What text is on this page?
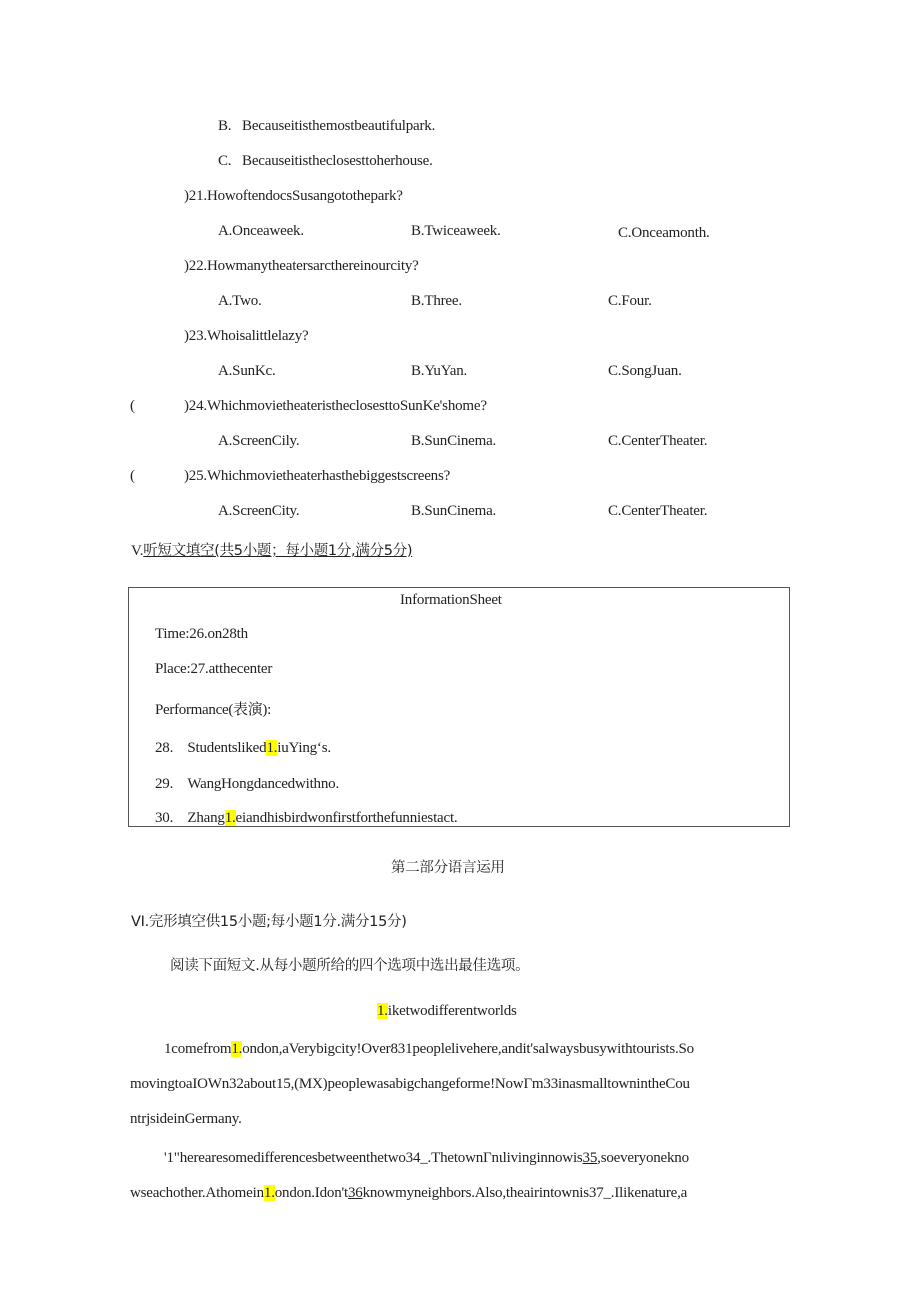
B. Becauseitisthemostbeautifulpark.
C. Becauseitistheclosesttoherhouse.
)21.HowoftendocsSusangotothepark?
A.Onceaweek.	B.Twiceaweek.	C.Onceamonth.
)22.Howmanytheatersarctherein​ourcity?
A.Two.	B.Three.	C.Four.
)23.Whoisalittlelazy?
A.SunKc.	B.YuYan.	C.SongJuan.
(	)24.WhichmovietheateristheclosesttoSunKe'shome?
A.ScreenCily.	B.SunCinema.	C.CenterTheater.
(	)25.Whichmovietheaterhasthebiggestscreens?
A.ScreenCity.	B.SunCinema.	C.CenterTheater.
V.听短文填空(共5小题；每小题1分,满分5分)
InformationSheet
Time:26.on28th
Place:27.atthecenter
Performance(表演):
28. Studentsliked1.iuYingʻs.
29. WangHongdancedwithno.
30. Zhang1.eiandhisbirdwonfirstforthefunniestact.
第二部分语言运用
VI.完形填空供15小题;每小题1分.满分15分)
阅读下面短文.从每小题所给的四个选项中选出最佳选项。
1.iketwodifferentworlds
1comefrom1.ondon,aVerybigcity!Over831peoplelivehere,andit'salwaysbusywithtourists.So
movingtoaIOWn32about15,(MX)peoplewasabigchangeforme!NowΓm33inasmalltowninthe​Cou
ntrjsideinGermany.
'1"herearesomedifferencesbetweenthetwo34_.ThetownΓnιlivinginnowis35,soeveryonekno
wseachother.Athomein1.ondon.Idon't36knowmyneighbors.Also,theairintownis37_.Ilikenature,a
